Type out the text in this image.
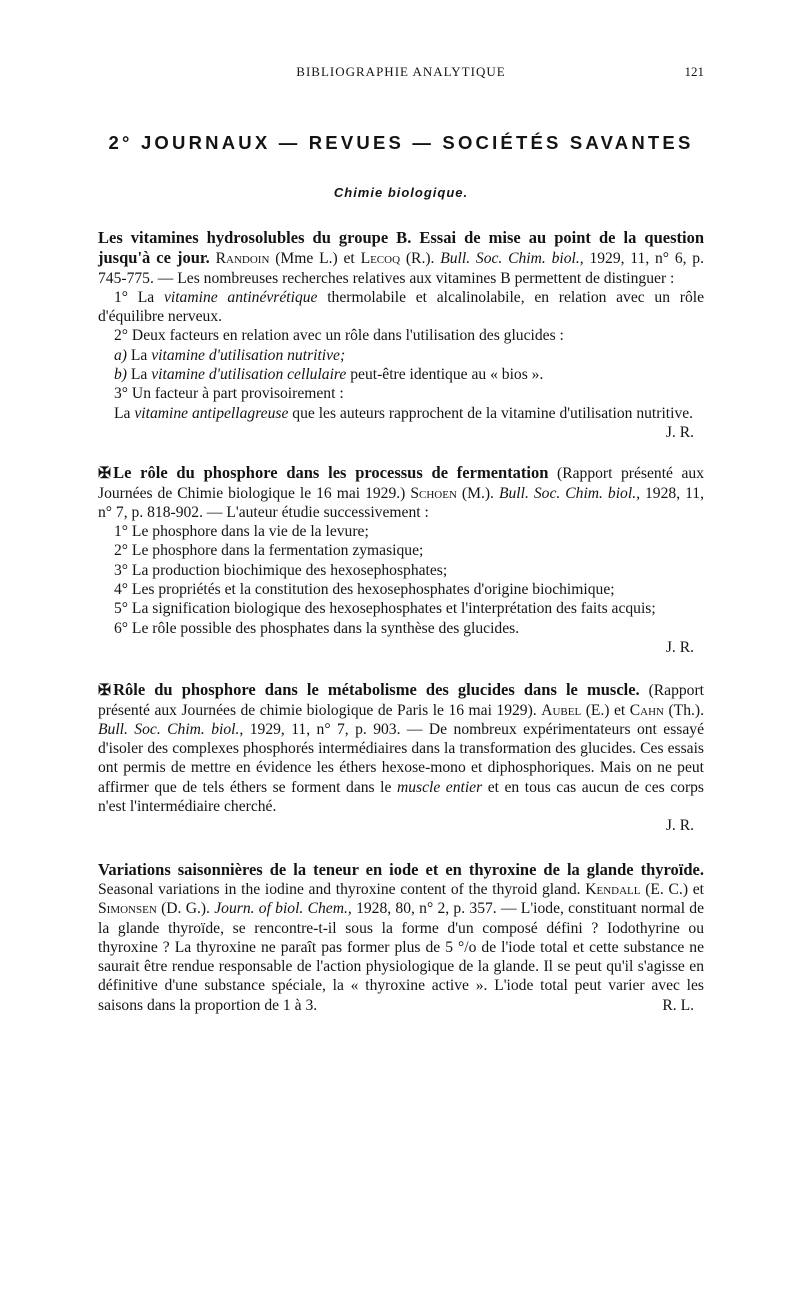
BIBLIOGRAPHIE ANALYTIQUE	121
2° JOURNAUX — REVUES — SOCIÉTÉS SAVANTES
Chimie biologique.

Les vitamines hydrosolubles du groupe B. Essai de mise au point de la question jusqu'à ce jour. Randoin (Mme L.) et Lecoq (R.). Bull. Soc. Chim. biol., 1929, 11, n° 6, p. 745-775. — Les nombreuses recherches relatives aux vitamines B permettent de distinguer :

1° La vitamine antinévrétique thermolabile et alcalinolabile, en relation avec un rôle d'équilibre nerveux.

2° Deux facteurs en relation avec un rôle dans l'utilisation des glucides :

a) La vitamine d'utilisation nutritive;

b) La vitamine d'utilisation cellulaire peut-être identique au « bios ».

3° Un facteur à part provisoirement :

La vitamine antipellagreuse que les auteurs rapprochent de la vitamine d'utilisation nutritive.

J. R.

✠ Le rôle du phosphore dans les processus de fermentation (Rapport présenté aux Journées de Chimie biologique le 16 mai 1929.) Schoen (M.). Bull. Soc. Chim. biol., 1928, 11, n° 7, p. 818-902. — L'auteur étudie successivement :

1° Le phosphore dans la vie de la levure;

2° Le phosphore dans la fermentation zymasique;

3° La production biochimique des hexosephosphates;

4° Les propriétés et la constitution des hexosephosphates d'origine biochimique;

5° La signification biologique des hexosephosphates et l'interprétation des faits acquis;

6° Le rôle possible des phosphates dans la synthèse des glucides.

J. R.

✠ Rôle du phosphore dans le métabolisme des glucides dans le muscle. (Rapport présenté aux Journées de chimie biologique de Paris le 16 mai 1929). Aubel (E.) et Cahn (Th.). Bull. Soc. Chim. biol., 1929, 11, n° 7, p. 903. — De nombreux expérimentateurs ont essayé d'isoler des complexes phosphorés intermédiaires dans la transformation des glucides. Ces essais ont permis de mettre en évidence les éthers hexose-mono et diphosphoriques. Mais on ne peut affirmer que de tels éthers se forment dans le muscle entier et en tous cas aucun de ces corps n'est l'intermédiaire cherché.

J. R.

Variations saisonnières de la teneur en iode et en thyroxine de la glande thyroïde. Seasonal variations in the iodine and thyroxine content of the thyroid gland. Kendall (E. C.) et Simonsen (D. G.). Journ. of biol. Chem., 1928, 80, n° 2, p. 357. — L'iode, constituant normal de la glande thyroïde, se rencontre-t-il sous la forme d'un composé défini ? Iodothyrine ou thyroxine ? La thyroxine ne paraît pas former plus de 5 °/o de l'iode total et cette substance ne saurait être rendue responsable de l'action physiologique de la glande. Il se peut qu'il s'agisse en définitive d'une substance spéciale, la « thyroxine active ». L'iode total peut varier avec les saisons dans la proportion de 1 à 3.	R. L.
